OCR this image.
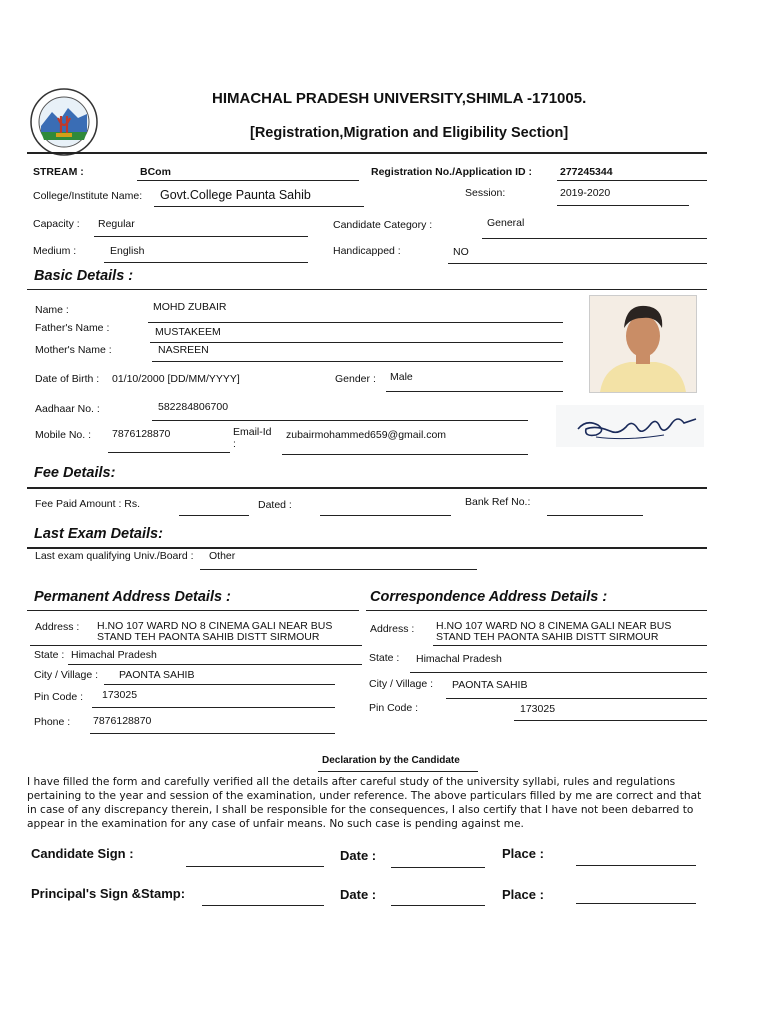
HIMACHAL PRADESH UNIVERSITY,SHIMLA -171005.
[Registration,Migration and Eligibility Section]
STREAM :	BCom	Registration No./Application ID :	277245344
College/Institute Name: Govt.College Paunta Sahib	Session:	2019-2020
Capacity : Regular	Candidate Category :	General
Medium :	English	Handicapped :	NO
Basic Details :
Name :	MOHD ZUBAIR
Father's Name :	MUSTAKEEM
Mother's Name :	NASREEN
Date of Birth : 01/10/2000 [DD/MM/YYYY]	Gender : Male
Aadhaar No. :	582284806700
Mobile No. : 7876128870	Email-Id
:
zubairmohammed659@gmail.com
Fee Details:
Fee Paid Amount : Rs.	Dated :	Bank Ref No.:
Last Exam Details:
Last exam qualifying Univ./Board : Other
Permanent Address Details :
Address : H.NO 107 WARD NO 8 CINEMA GALI NEAR BUS
STAND TEH PAONTA SAHIB DISTT SIRMOUR
State : Himachal Pradesh
City / Village : PAONTA SAHIB
Pin Code : 173025
Phone : 7876128870
Correspondence Address Details :
Address : H.NO 107 WARD NO 8 CINEMA GALI NEAR BUS
STAND TEH PAONTA SAHIB DISTT SIRMOUR
State : Himachal Pradesh
City / Village : PAONTA SAHIB
Pin Code :	173025
Declaration by the Candidate
I have filled the form and carefully verified all the details after careful study of the university syllabi, rules and regulations pertaining to the year and session of the examination, under reference. The above particulars filled by me are correct and that in case of any discrepancy therein, I shall be responsible for the consequences, I also certify that I have not been debarred to appear in the examination for any case of unfair means. No such case is pending against me.
Candidate Sign :	Date :	Place :
Principal's Sign &Stamp:	Date :	Place :
